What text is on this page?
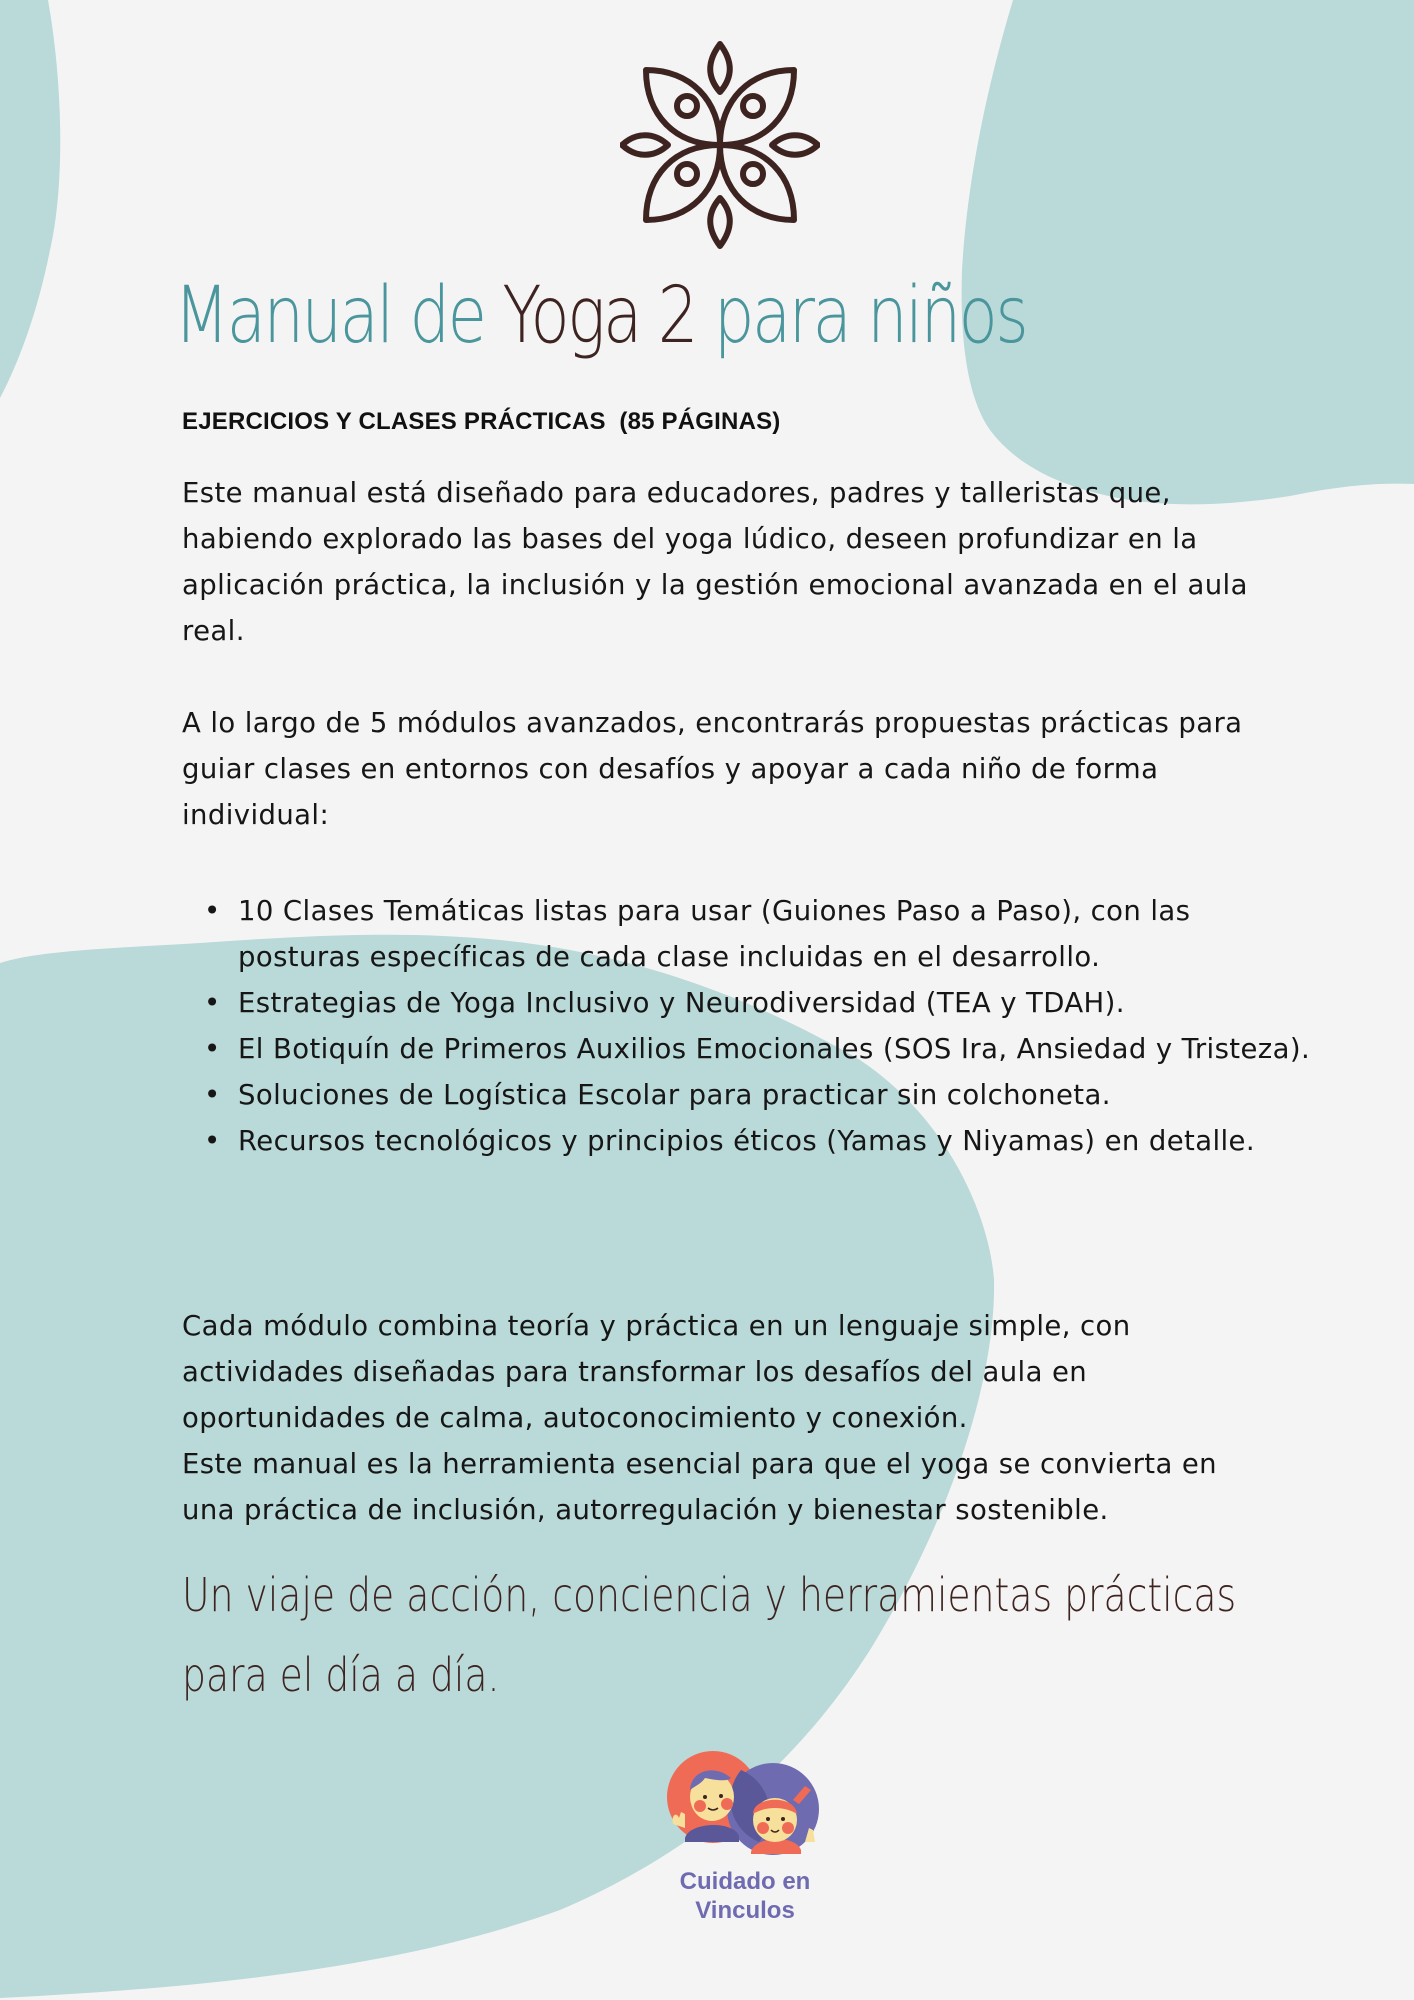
Manual de Yoga 2 para niños
EJERCICIOS Y CLASES PRÁCTICAS  (85 PÁGINAS)

Este manual está diseñado para educadores, padres y talleristas que, habiendo explorado las bases del yoga lúdico, deseen profundizar en la aplicación práctica, la inclusión y la gestión emocional avanzada en el aula real.

A lo largo de 5 módulos avanzados, encontrarás propuestas prácticas para guiar clases en entornos con desafíos y apoyar a cada niño de forma individual:

• 10 Clases Temáticas listas para usar (Guiones Paso a Paso), con las posturas específicas de cada clase incluidas en el desarrollo.
• Estrategias de Yoga Inclusivo y Neurodiversidad (TEA y TDAH).
• El Botiquín de Primeros Auxilios Emocionales (SOS Ira, Ansiedad y Tristeza).
• Soluciones de Logística Escolar para practicar sin colchoneta.
• Recursos tecnológicos y principios éticos (Yamas y Niyamas) en detalle.
Cada módulo combina teoría y práctica en un lenguaje simple, con actividades diseñadas para transformar los desafíos del aula en oportunidades de calma, autoconocimiento y conexión.
Este manual es la herramienta esencial para que el yoga se convierta en una práctica de inclusión, autorregulación y bienestar sostenible.
Un viaje de acción, conciencia y herramientas prácticas para el día a día.
Cuidado en
Vinculos
